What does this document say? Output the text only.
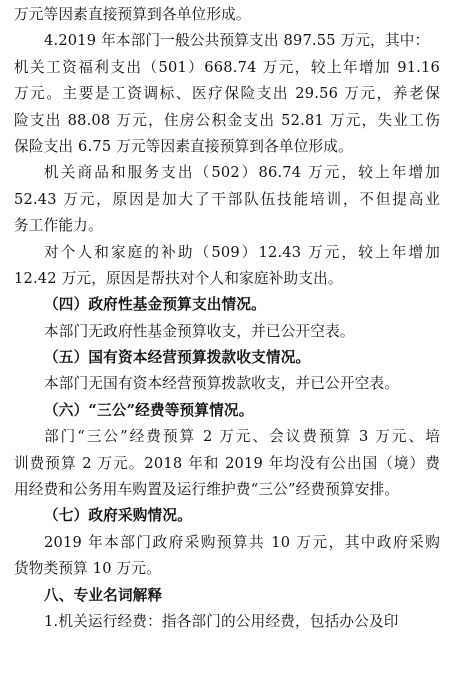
万元等因素直接预算到各单位形成。
4.2019 年本部门一般公共预算支出 897.55 万元，其中：
机关工资福利支出（501）668.74 万元，较上年增加 91.16
万元。主要是工资调标、医疗保险支出 29.56 万元，养老保
险支出 88.08 万元，住房公积金支出 52.81 万元，失业工伤
保险支出 6.75 万元等因素直接预算到各单位形成。
机关商品和服务支出（502）86.74 万元，较上年增加
52.43 万元，原因是加大了干部队伍技能培训，不但提高业
务工作能力。
对个人和家庭的补助（509）12.43 万元，较上年增加
12.42 万元，原因是帮扶对个人和家庭补助支出。
（四）政府性基金预算支出情况。
本部门无政府性基金预算收支，并已公开空表。
（五）国有资本经营预算拨款收支情况。
本部门无国有资本经营预算拨款收支，并已公开空表。
（六）“三公”经费等预算情况。
部门“三公”经费预算 2 万元、会议费预算 3 万元、培
训费预算 2 万元。2018 年和 2019 年均没有公出国（境）费
用经费和公务用车购置及运行维护费“三公”经费预算安排。
（七）政府采购情况。
2019 年本部门政府采购预算共 10 万元，其中政府采购
货物类预算 10 万元。
八、专业名词解释
1.机关运行经费：指各部门的公用经费，包括办公及印
